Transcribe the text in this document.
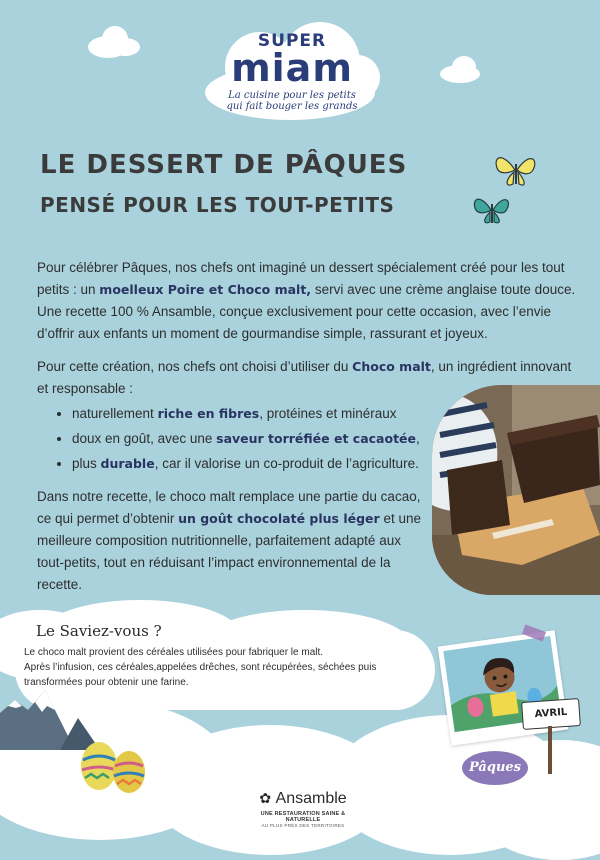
SUPER
miam
La cuisine pour les petits
qui fait bouger les grands
LE DESSERT DE PÂQUES
PENSÉ POUR LES TOUT-PETITS

Pour célébrer Pâques, nos chefs ont imaginé un dessert spécialement créé pour les tout petits : un moelleux Poire et Choco malt, servi avec une crème anglaise toute douce.
Une recette 100 % Ansamble, conçue exclusivement pour cette occasion, avec l’envie d’offrir aux enfants un moment de gourmandise simple, rassurant et joyeux.

Pour cette création, nos chefs ont choisi d’utiliser du Choco malt, un ingrédient innovant et responsable :

• naturellement riche en fibres, protéines et minéraux
• doux en goût, avec une saveur torréfiée et cacaotée,
• plus durable, car il valorise un co-produit de l’agriculture.

Dans notre recette, le choco malt remplace une partie du cacao, ce qui permet d’obtenir un goût chocolaté plus léger et une meilleure composition nutritionnelle, parfaitement adapté aux tout-petits, tout en réduisant l’impact environnemental de la recette.

Le Saviez-vous ?

Le choco malt provient des céréales utilisées pour fabriquer le malt.
Après l’infusion, ces céréales,appelées drêches, sont récupérées, séchées puis
transformées pour obtenir une farine.
AVRIL
Pâques
✿ Ansamble
UNE RESTAURATION SAINE & NATURELLE
AU PLUS PRÈS DES TERRITOIRES
